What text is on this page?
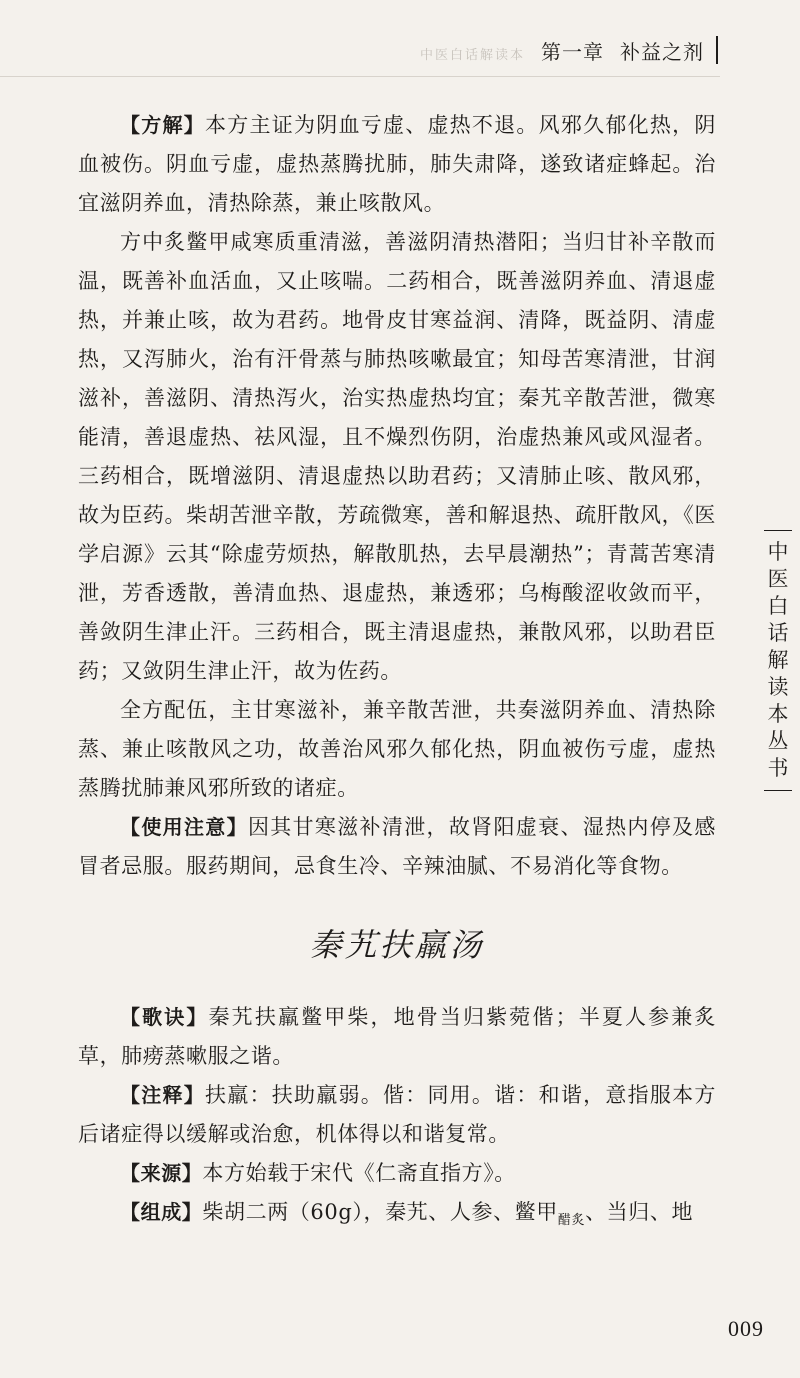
中医白话解读本 第一章 补益之剂
中
医
白
话
解
读
本
丛
书

【方解】本方主证为阴血亏虚、虚热不退。风邪久郁化热，阴血被伤。阴血亏虚，虚热蒸腾扰肺，肺失肃降，遂致诸症蜂起。治宜滋阴养血，清热除蒸，兼止咳散风。

方中炙鳖甲咸寒质重清滋，善滋阴清热潜阳；当归甘补辛散而温，既善补血活血，又止咳喘。二药相合，既善滋阴养血、清退虚热，并兼止咳，故为君药。地骨皮甘寒益润、清降，既益阴、清虚热，又泻肺火，治有汗骨蒸与肺热咳嗽最宜；知母苦寒清泄，甘润滋补，善滋阴、清热泻火，治实热虚热均宜；秦艽辛散苦泄，微寒能清，善退虚热、祛风湿，且不燥烈伤阴，治虚热兼风或风湿者。三药相合，既增滋阴、清退虚热以助君药；又清肺止咳、散风邪，故为臣药。柴胡苦泄辛散，芳疏微寒，善和解退热、疏肝散风，《医学启源》云其“除虚劳烦热，解散肌热，去早晨潮热”；青蒿苦寒清泄，芳香透散，善清血热、退虚热，兼透邪；乌梅酸涩收敛而平，善敛阴生津止汗。三药相合，既主清退虚热，兼散风邪，以助君臣药；又敛阴生津止汗，故为佐药。

全方配伍，主甘寒滋补，兼辛散苦泄，共奏滋阴养血、清热除蒸、兼止咳散风之功，故善治风邪久郁化热，阴血被伤亏虚，虚热蒸腾扰肺兼风邪所致的诸症。

【使用注意】因其甘寒滋补清泄，故肾阳虚衰、湿热内停及感冒者忌服。服药期间，忌食生冷、辛辣油腻、不易消化等食物。

秦艽扶羸汤

【歌诀】秦艽扶羸鳖甲柴，地骨当归紫菀偕；半夏人参兼炙草，肺痨蒸嗽服之谐。

【注释】扶羸：扶助羸弱。偕：同用。谐：和谐，意指服本方后诸症得以缓解或治愈，机体得以和谐复常。

【来源】本方始载于宋代《仁斋直指方》。

【组成】柴胡二两（60g），秦艽、人参、鳖甲$_{醋炙}$、当归、地

009
